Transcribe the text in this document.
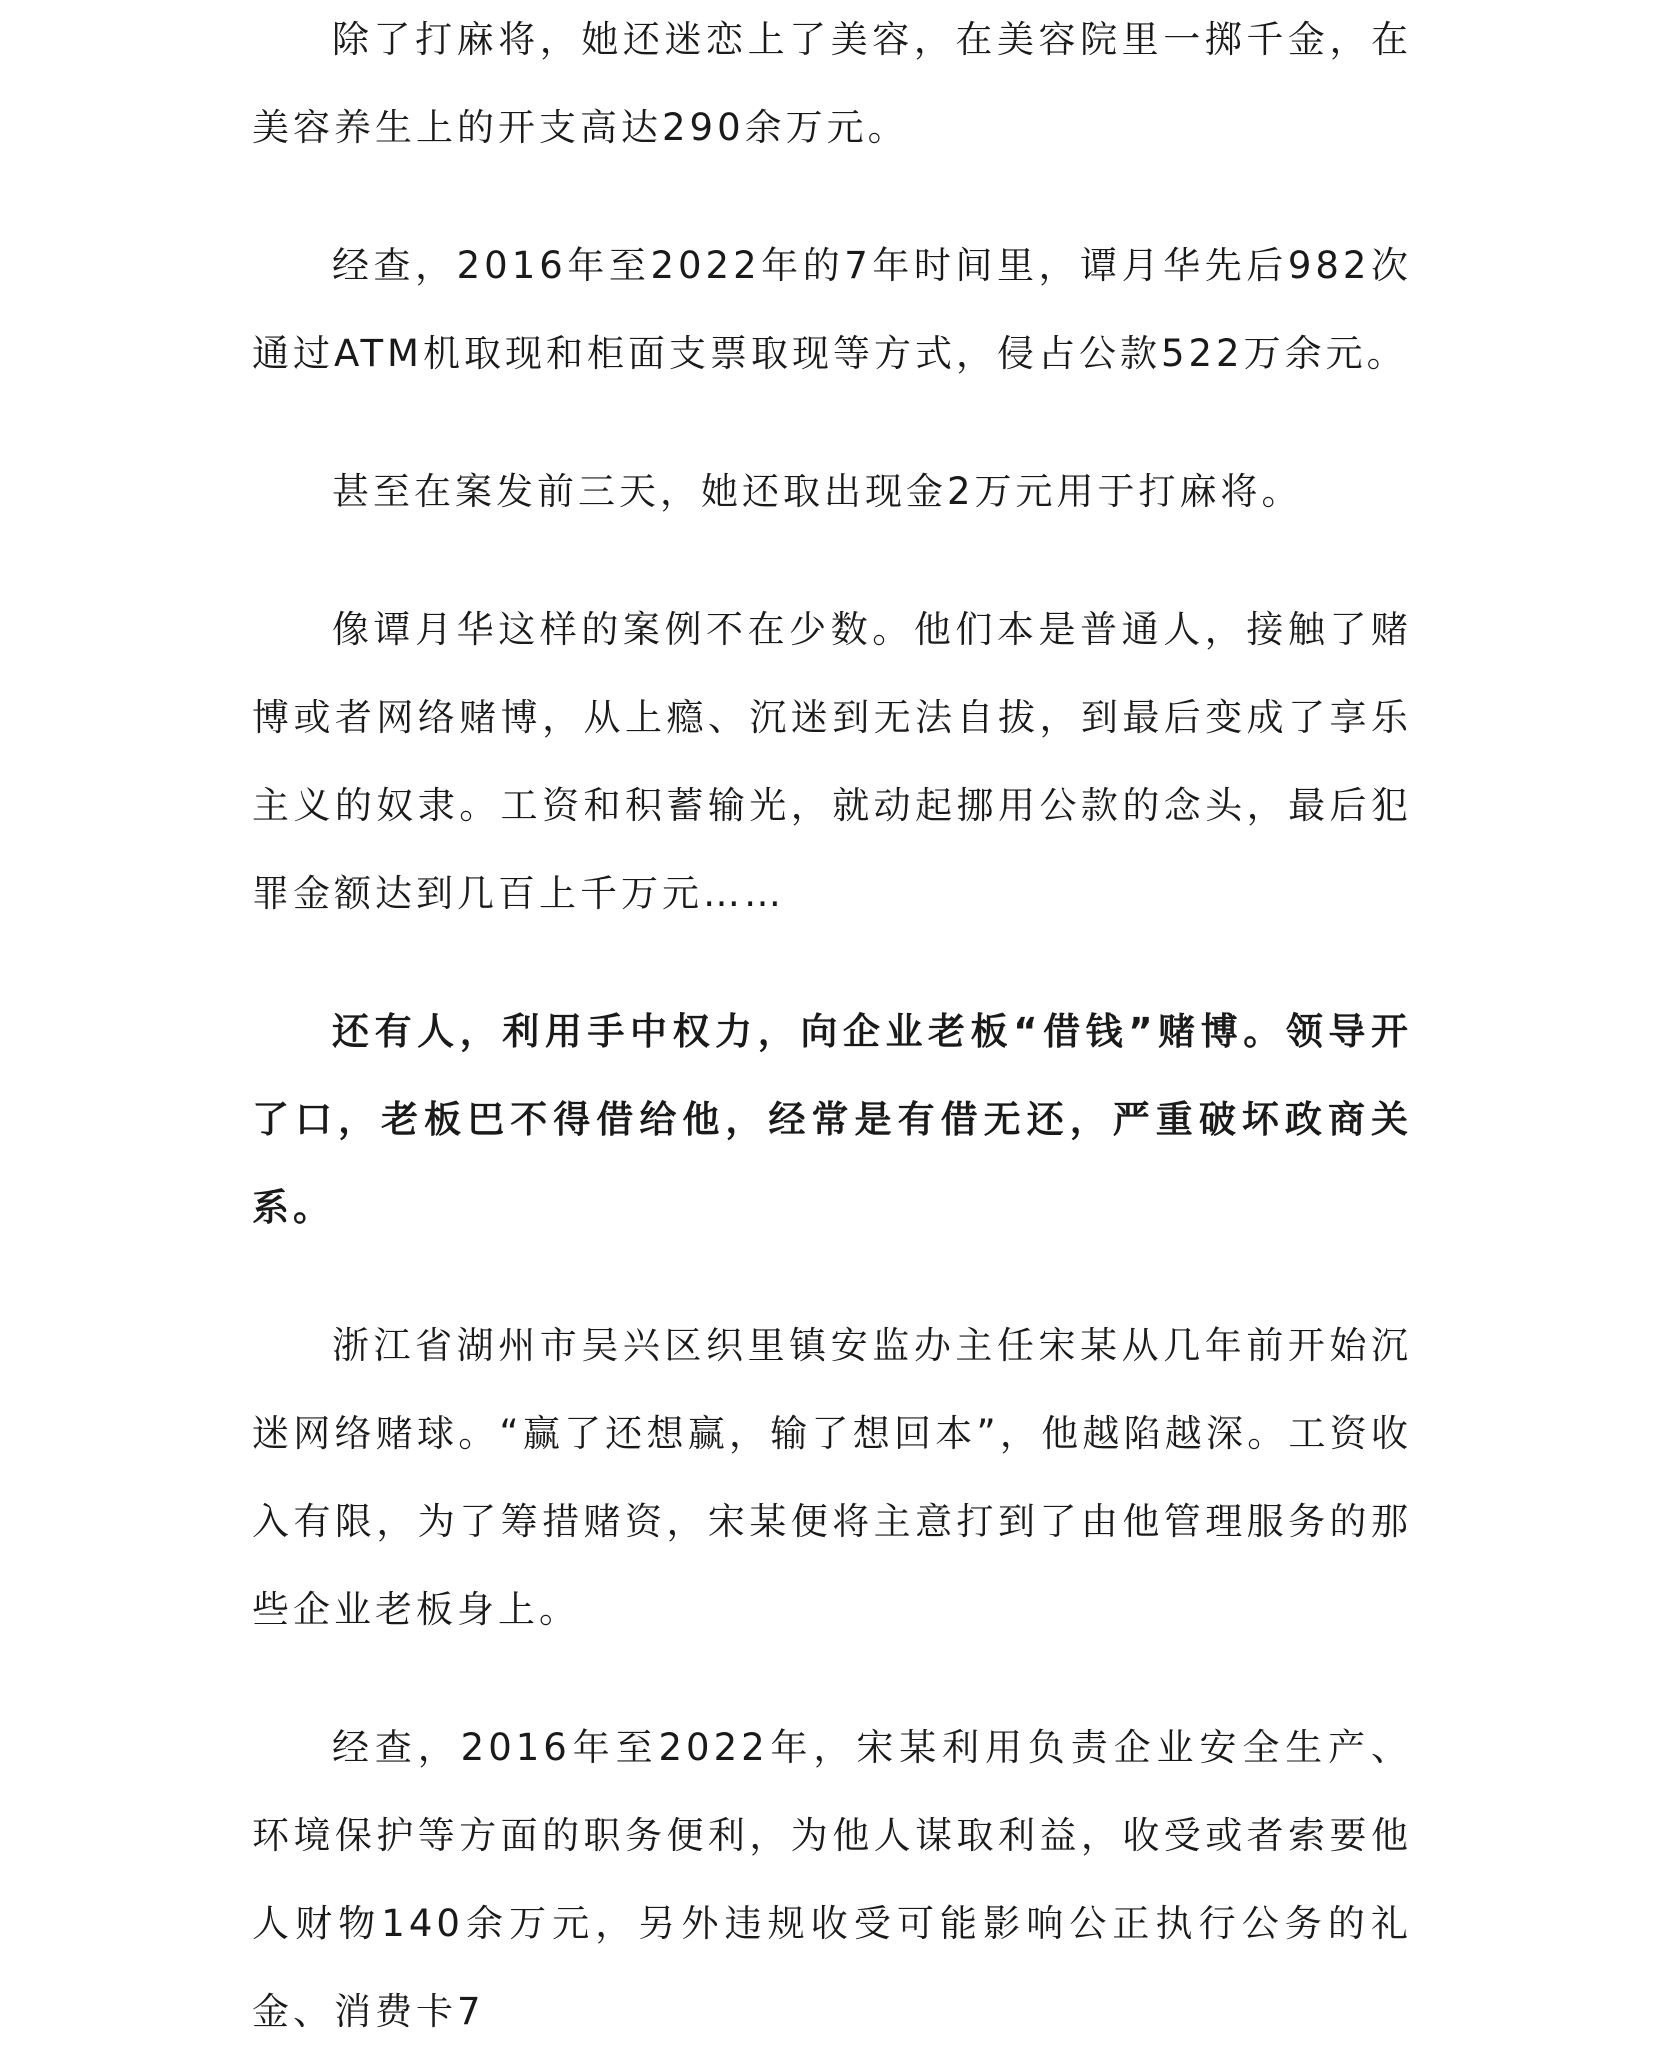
除了打麻将，她还迷恋上了美容，在美容院里一掷千金，在美容养生上的开支高达290余万元。

经查，2016年至2022年的7年时间里，谭月华先后982次通过ATM机取现和柜面支票取现等方式，侵占公款522万余元。

甚至在案发前三天，她还取出现金2万元用于打麻将。

像谭月华这样的案例不在少数。他们本是普通人，接触了赌博或者网络赌博，从上瘾、沉迷到无法自拔，到最后变成了享乐主义的奴隶。工资和积蓄输光，就动起挪用公款的念头，最后犯罪金额达到几百上千万元……

还有人，利用手中权力，向企业老板“借钱”赌博。领导开了口，老板巴不得借给他，经常是有借无还，严重破坏政商关系。

浙江省湖州市吴兴区织里镇安监办主任宋某从几年前开始沉迷网络赌球。“赢了还想赢，输了想回本”，他越陷越深。工资收入有限，为了筹措赌资，宋某便将主意打到了由他管理服务的那些企业老板身上。

经查，2016年至2022年，宋某利用负责企业安全生产、环境保护等方面的职务便利，为他人谋取利益，收受或者索要他人财物140余万元，另外违规收受可能影响公正执行公务的礼金、消费卡7
